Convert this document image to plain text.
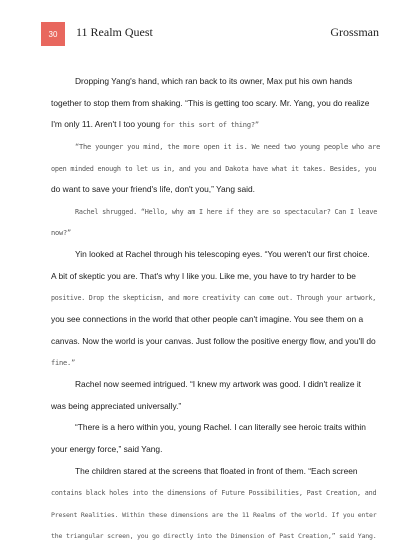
30	11 Realm Quest	Grossman
Dropping Yang's hand, which ran back to its owner, Max put his own hands
together to stop them from shaking. “This is getting too scary. Mr. Yang, you do realize
I'm only 11. Aren't I too young for this sort of thing?”
“The younger you mind, the more open it is. We need two young people who are
open minded enough to let us in, and you and Dakota have what it takes. Besides, you
do want to save your friend's life, don't you,” Yang said.
Rachel shrugged. “Hello, why am I here if they are so spectacular? Can I leave
now?”
Yin looked at Rachel through his telescoping eyes. “You weren't our first choice.
A bit of skeptic you are. That's why I like you. Like me, you have to try harder to be
positive. Drop the skepticism, and more creativity can come out. Through your artwork,
you see connections in the world that other people can't imagine. You see them on a
canvas. Now the world is your canvas. Just follow the positive energy flow, and you'll do
fine.”
Rachel now seemed intrigued. “I knew my artwork was good. I didn't realize it
was being appreciated universally.”
“There is a hero within you, young Rachel. I can literally see heroic traits within
your energy force,” said Yang.
The children stared at the screens that floated in front of them. “Each screen
contains black holes into the dimensions of Future Possibilities, Past Creation, and
Present Realities. Within these dimensions are the 11 Realms of the world. If you enter
the triangular screen, you go directly into the Dimension of Past Creation,” said Yang.
